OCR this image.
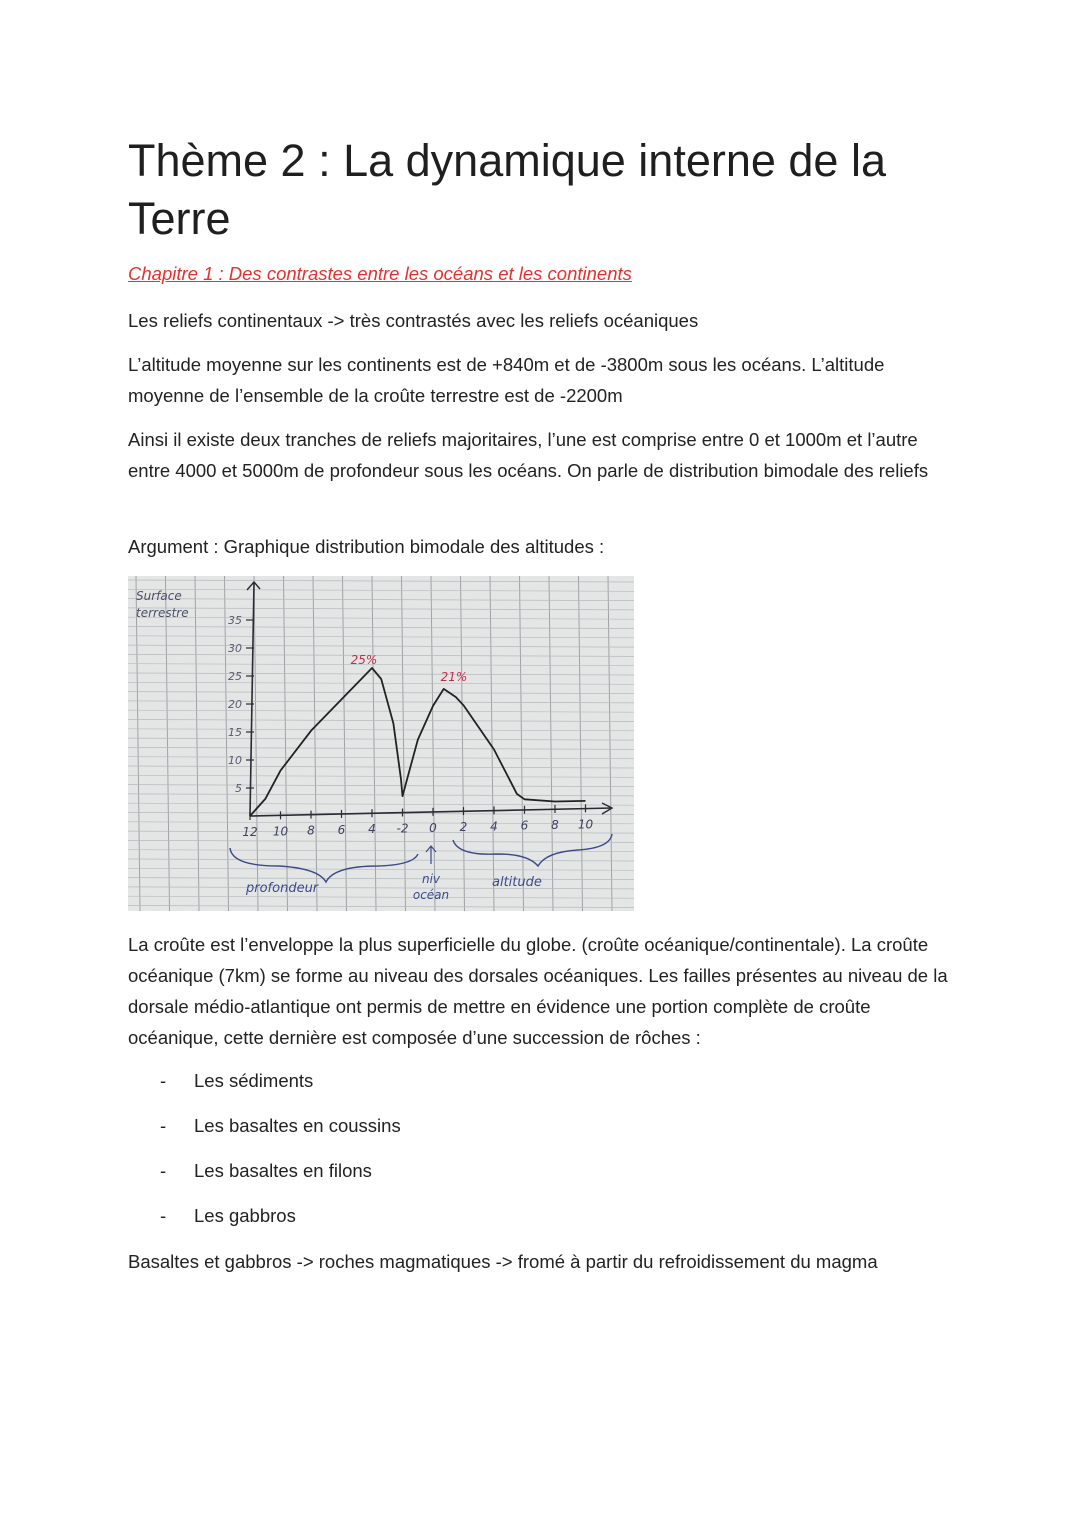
Thème 2 : La dynamique interne de la Terre
Chapitre 1 : Des contrastes entre les océans et les continents
Les reliefs continentaux -> très contrastés avec les reliefs océaniques
L’altitude moyenne sur les continents est de +840m et de -3800m sous les océans. L’altitude moyenne de l’ensemble de la croûte terrestre est de -2200m
Ainsi il existe deux tranches de reliefs majoritaires, l’une est comprise entre 0 et 1000m et l’autre entre 4000 et 5000m de profondeur sous les océans. On parle de distribution bimodale des reliefs
Argument : Graphique distribution bimodale des altitudes :
5
10
15
20
25
30
35
12 10 8 6 4 -2 0 2 4 6 8 10
25%
21%
Surface
terrestre
profondeur
niv
océan
altitude
La croûte est l’enveloppe la plus superficielle du globe. (croûte océanique/continentale). La croûte océanique (7km) se forme au niveau des dorsales océaniques. Les failles présentes au niveau de la dorsale médio-atlantique ont permis de mettre en évidence une portion complète de croûte océanique, cette dernière est composée d’une succession de rôches :
- Les sédiments
- Les basaltes en coussins
- Les basaltes en filons
- Les gabbros
Basaltes et gabbros -> roches magmatiques -> fromé à partir du refroidissement du magma
